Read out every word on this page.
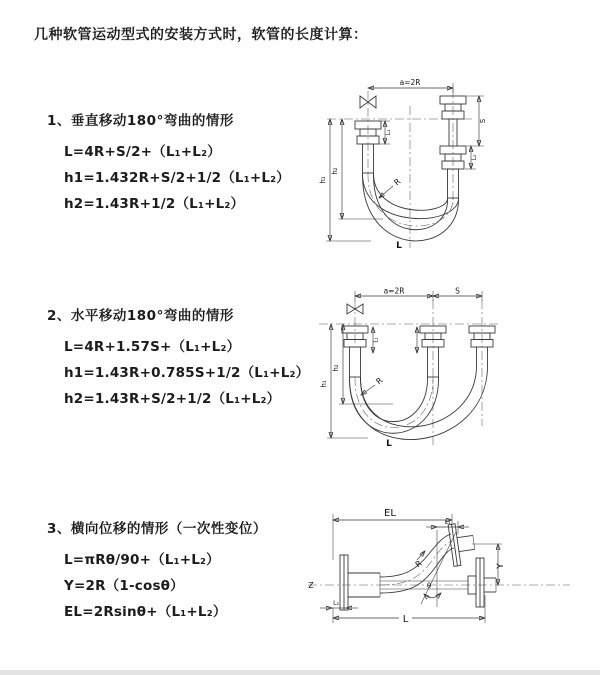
几种软管运动型式的安装方式时，软管的长度计算：
1、垂直移动180°弯曲的情形
L=4R+S/2+（L₁+L₂）
h1=1.432R+S/2+1/2（L₁+L₂）
h2=1.43R+1/2（L₁+L₂）
2、水平移动180°弯曲的情形
L=4R+1.57S+（L₁+L₂）
h1=1.43R+0.785S+1/2（L₁+L₂）
h2=1.43R+S/2+1/2（L₁+L₂）
3、横向位移的情形（一次性变位）
L=πRθ/90+（L₁+L₂）
Y=2R（1-cosθ）
EL=2Rsinθ+（L₁+L₂）
a=2R
h₁
h₂
L₁
S
L₂
R
L
a=2R	S
L₁
h₁
h₂
R
L
Z
EL
L₁
Y
L
L₂
θ
R
